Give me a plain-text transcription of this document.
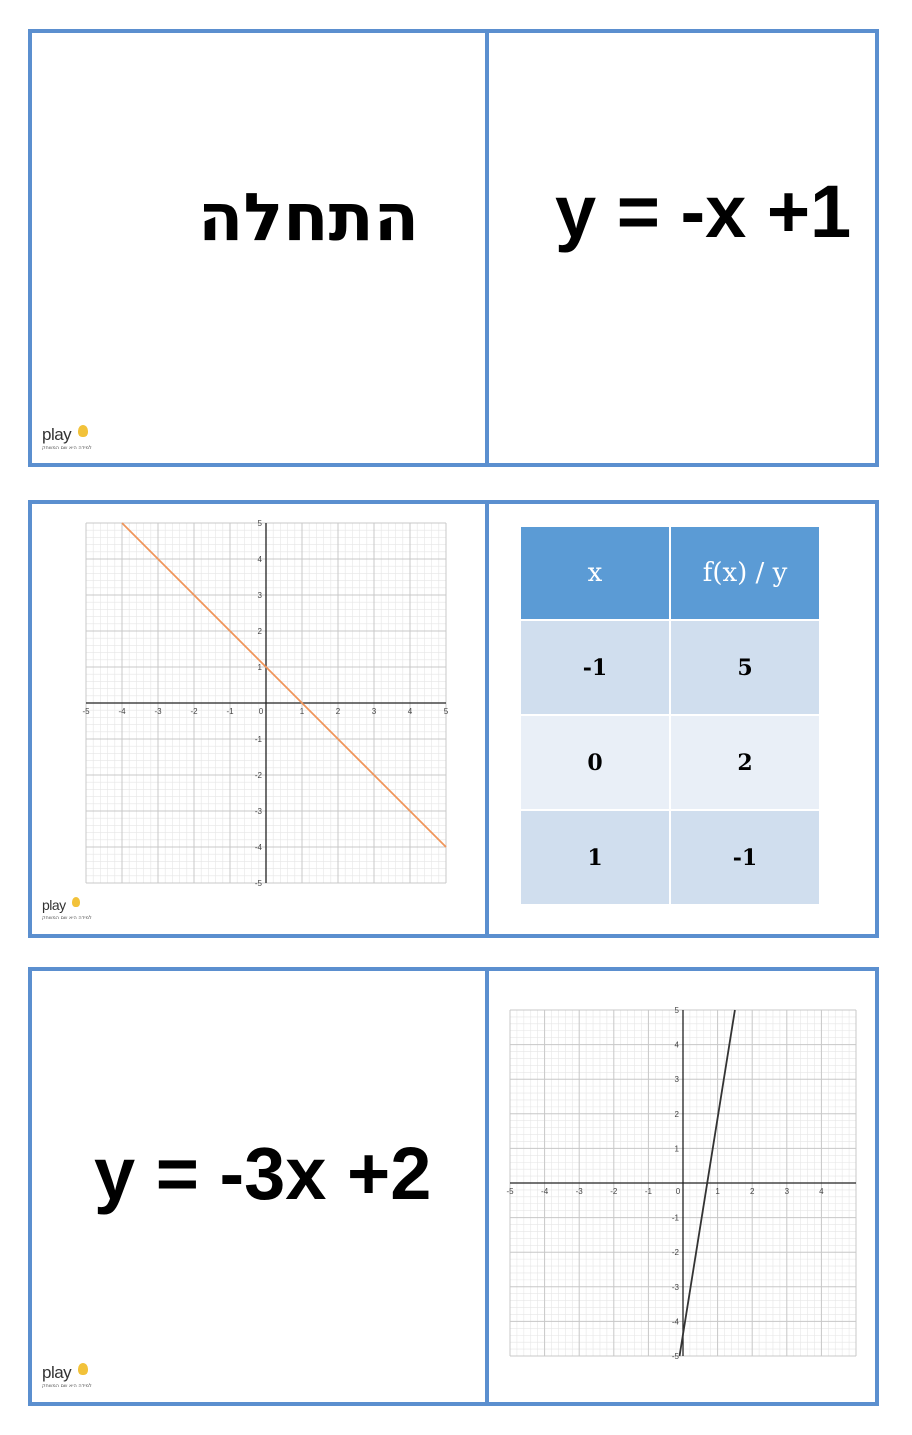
התחלה
play
למידה היא שם המשחק
y = -x +1
-5	-4	-3	-2	-1	0	1	2	3	4	5
5
4
3
2
1
-1
-2
-3
-4
-5
play
למידה היא שם המשחק
x	f(x) / y
-1	5
0	2
1	-1
y = -3x +2
play
למידה היא שם המשחק
-5	-4	-3	-2	-1	0	1	2	3	4
5
4
3
2
1
-1
-2
-3
-4
-5
